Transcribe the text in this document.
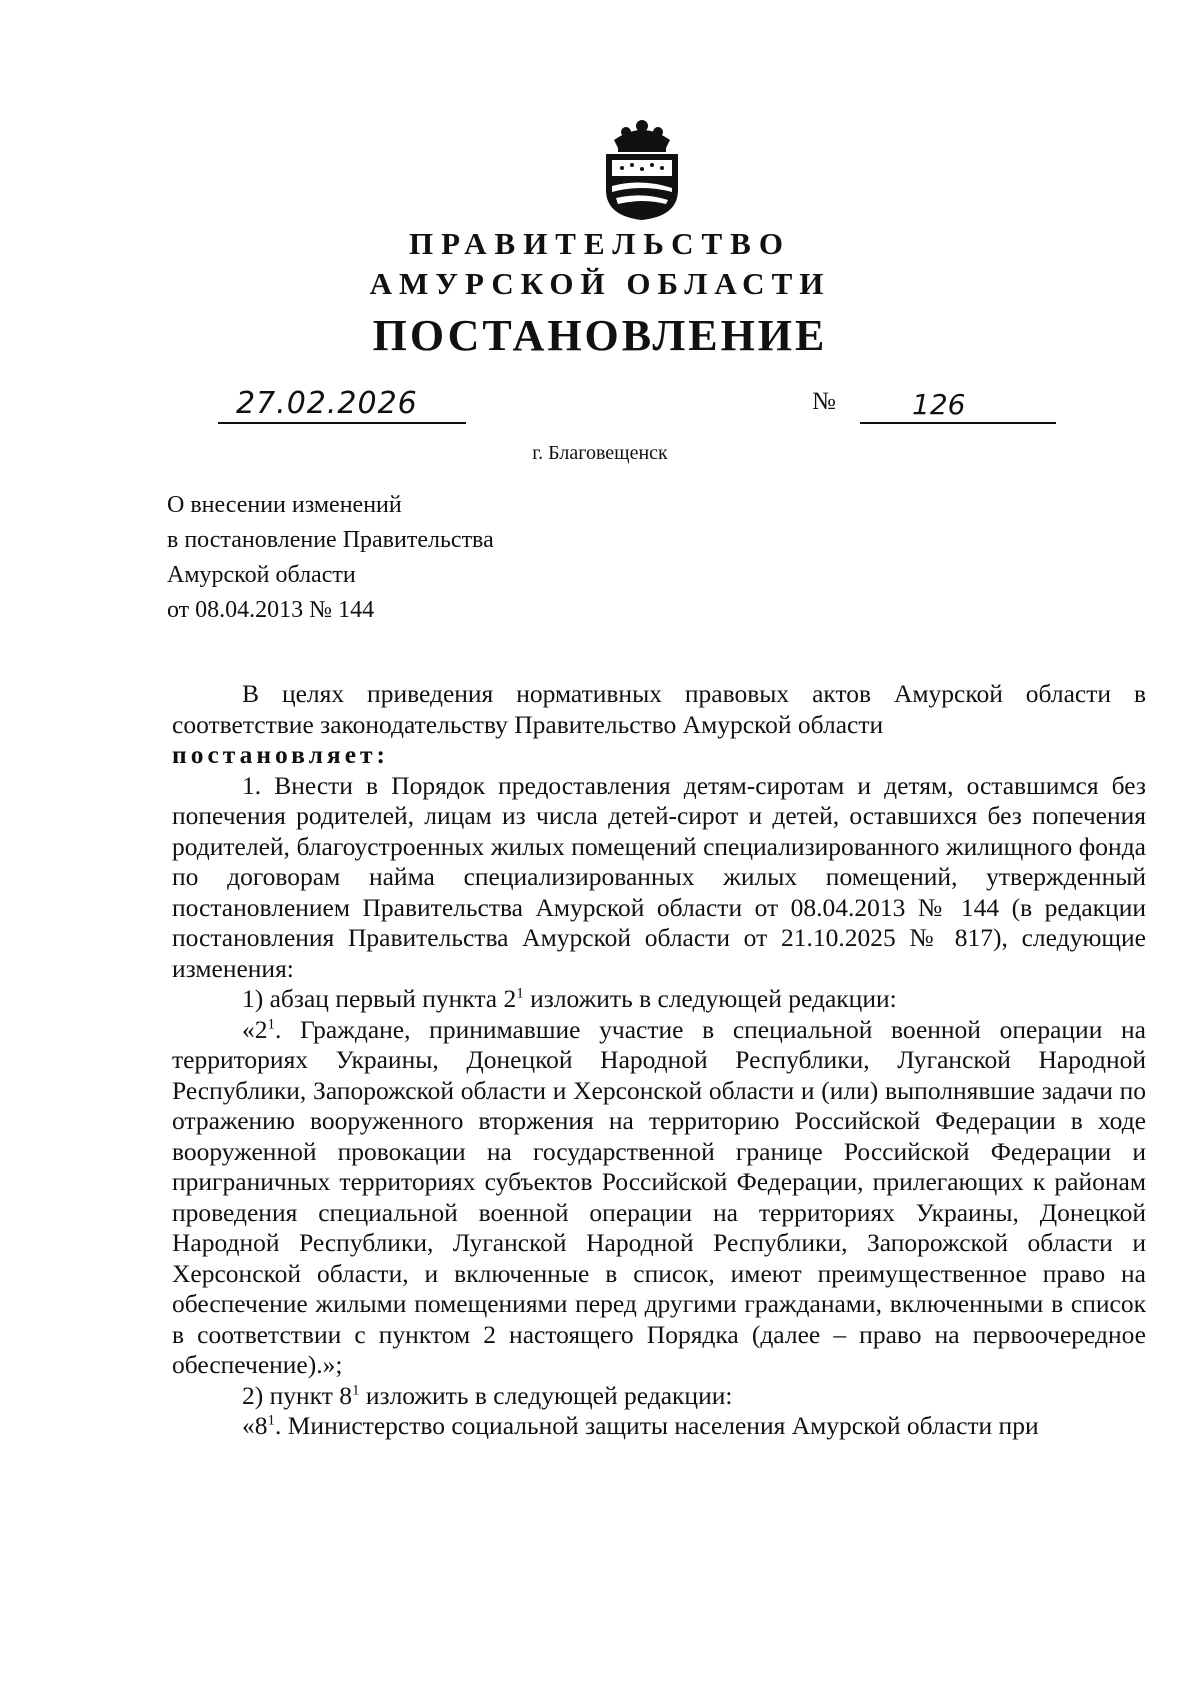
ПРАВИТЕЛЬСТВО
АМУРСКОЙ ОБЛАСТИ
ПОСТАНОВЛЕНИЕ
27.02.2026	№	126
г. Благовещенск
О внесении изменений
в постановление Правительства
Амурской области
от 08.04.2013 № 144

В целях приведения нормативных правовых актов Амурской области в соответствие законодательству Правительство Амурской области

постановляет:

1. Внести в Порядок предоставления детям-сиротам и детям, оставшимся без попечения родителей, лицам из числа детей-сирот и детей, оставшихся без попечения родителей, благоустроенных жилых помещений специализированного жилищного фонда по договорам найма специализированных жилых помещений, утвержденный постановлением Правительства Амурской области от 08.04.2013 № 144 (в редакции постановления Правительства Амурской области от 21.10.2025 № 817), следующие изменения:

1) абзац первый пункта $2^1$ изложить в следующей редакции:

«$2^1$. Граждане, принимавшие участие в специальной военной операции на территориях Украины, Донецкой Народной Республики, Луганской Народной Республики, Запорожской области и Херсонской области и (или) выполнявшие задачи по отражению вооруженного вторжения на территорию Российской Федерации в ходе вооруженной провокации на государственной границе Российской Федерации и приграничных территориях субъектов Российской Федерации, прилегающих к районам проведения специальной военной операции на территориях Украины, Донецкой Народной Республики, Луганской Народной Республики, Запорожской области и Херсонской области, и включенные в список, имеют преимущественное право на обеспечение жилыми помещениями перед другими гражданами, включенными в список в соответствии с пунктом 2 настоящего Порядка (далее – право на первоочередное обеспечение).»;

2) пункт $8^1$ изложить в следующей редакции:

«$8^1$. Министерство социальной защиты населения Амурской области при
